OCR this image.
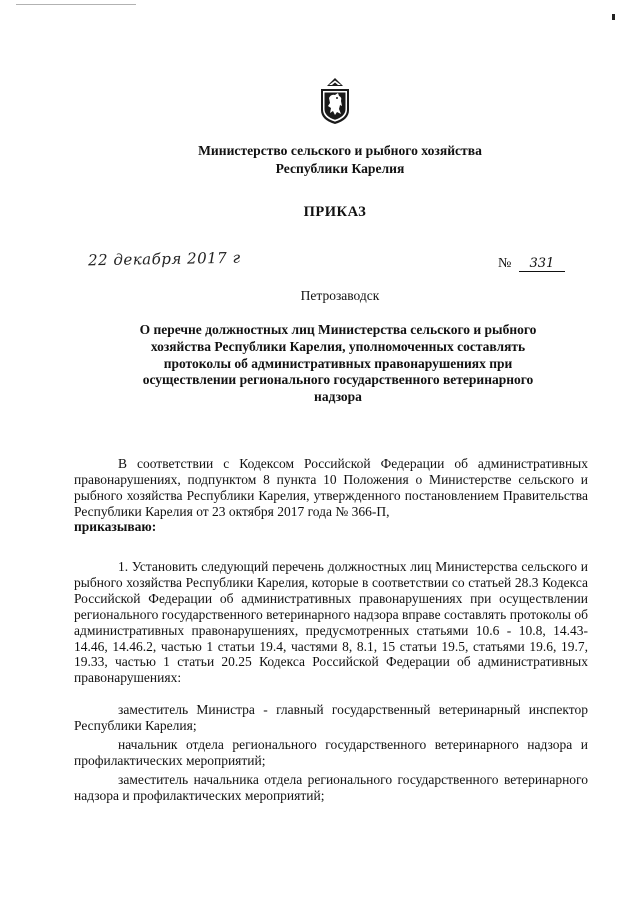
Министерство сельского и рыбного хозяйства
Республики Карелия
ПРИКАЗ
22 декабря 2017 г	№ 331
Петрозаводск
О перечне должностных лиц Министерства сельского и рыбного хозяйства Республики Карелия, уполномоченных составлять протоколы об административных правонарушениях при осуществлении регионального государственного ветеринарного надзора

В соответствии с Кодексом Российской Федерации об административных правонарушениях, подпунктом 8 пункта 10 Положения о Министерстве сельского и рыбного хозяйства Республики Карелия, утвержденного постановлением Правительства Республики Карелия от 23 октября 2017 года № 366-П,

приказываю:

1. Установить следующий перечень должностных лиц Министерства сельского и рыбного хозяйства Республики Карелия, которые в соответствии со статьей 28.3 Кодекса Российской Федерации об административных правонарушениях при осуществлении регионального государственного ветеринарного надзора вправе составлять протоколы об административных правонарушениях, предусмотренных статьями 10.6 - 10.8, 14.43-14.46, 14.46.2, частью 1 статьи 19.4, частями 8, 8.1, 15 статьи 19.5, статьями 19.6, 19.7, 19.33, частью 1 статьи 20.25 Кодекса Российской Федерации об административных правонарушениях:

заместитель Министра - главный государственный ветеринарный инспектор Республики Карелия;

начальник отдела регионального государственного ветеринарного надзора и профилактических мероприятий;

заместитель начальника отдела регионального государственного ветеринарного надзора и профилактических мероприятий;
